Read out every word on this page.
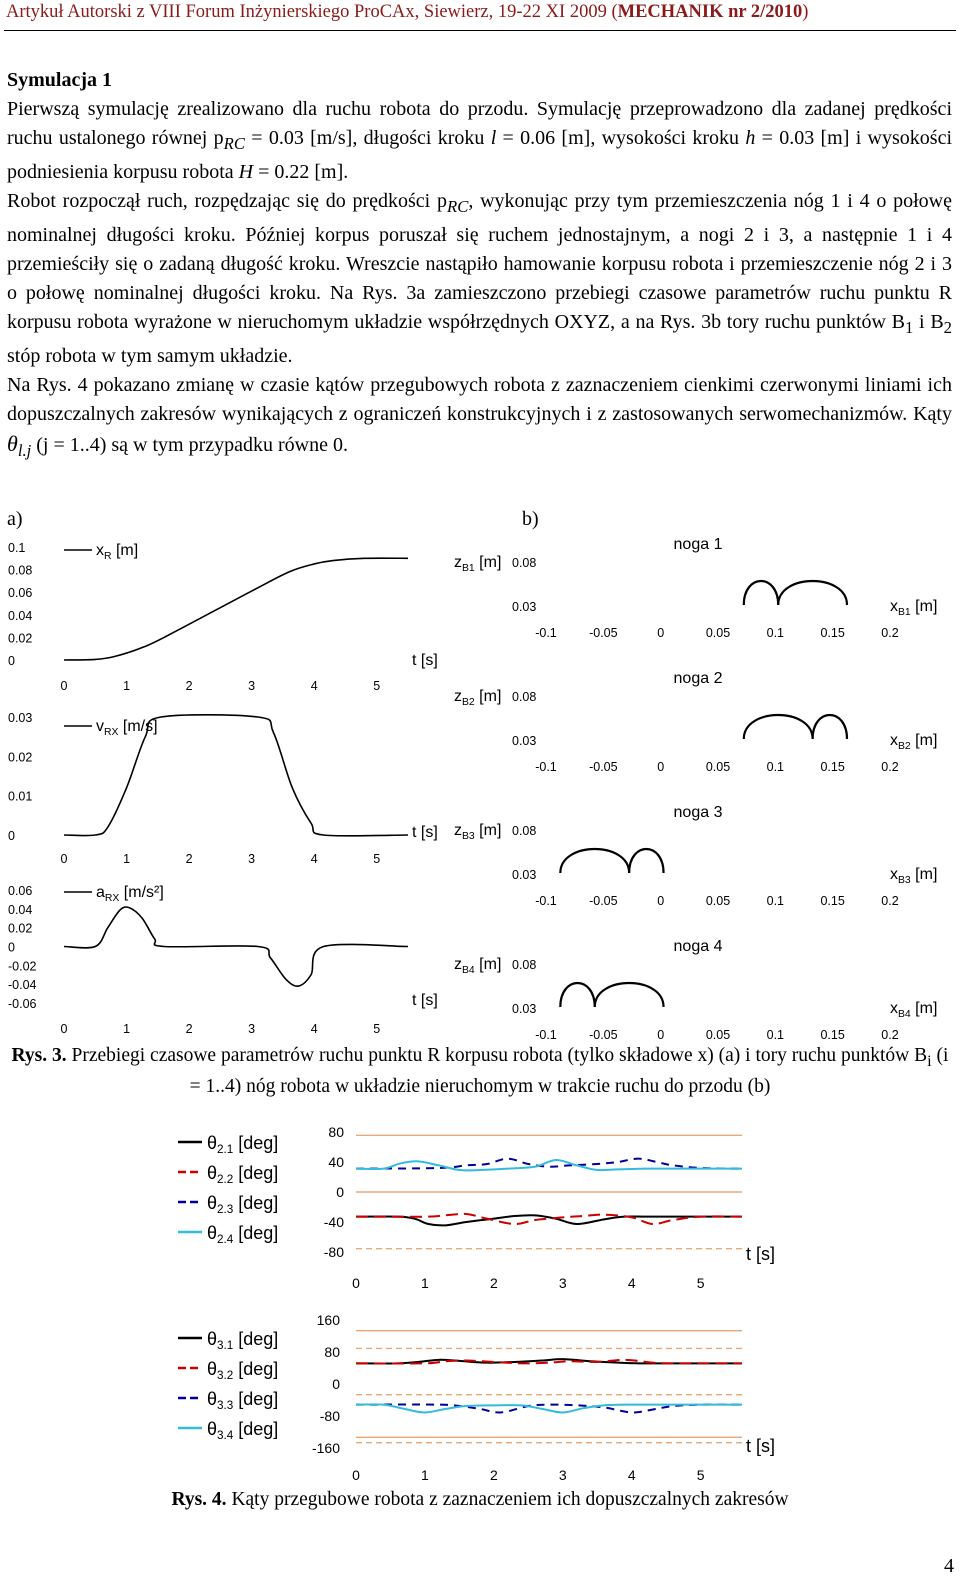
Artykuł Autorski z VIII Forum Inżynierskiego ProCAx, Siewierz, 19-22 XI 2009 (MECHANIK nr 2/2010)
Symulacja 1

Pierwszą symulację zrealizowano dla ruchu robota do przodu. Symulację przeprowadzono dla zadanej prędkości ruchu ustalonego równej $p_{RC} = 0.03$ [m/s], długości kroku l = 0.06 [m], wysokości kroku h = 0.03 [m] i wysokości podniesienia korpusu robota H = 0.22 [m].

Robot rozpoczął ruch, rozpędzając się do prędkości $p_{RC}$, wykonując przy tym przemieszczenia nóg 1 i 4 o połowę nominalnej długości kroku. Później korpus poruszał się ruchem jednostajnym, a nogi 2 i 3, a następnie 1 i 4 przemieściły się o zadaną długość kroku. Wreszcie nastąpiło hamowanie korpusu robota i przemieszczenie nóg 2 i 3 o połowę nominalnej długości kroku. Na Rys. 3a zamieszczono przebiegi czasowe parametrów ruchu punktu R korpusu robota wyrażone w nieruchomym układzie współrzędnych OXYZ, a na Rys. 3b tory ruchu punktów $B_1$ i $B_2$ stóp robota w tym samym układzie.

Na Rys. 4 pokazano zmianę w czasie kątów przegubowych robota z zaznaczeniem cienkimi czerwonymi liniami ich dopuszczalnych zakresów wynikających z ograniczeń konstrukcyjnych i z zastosowanych serwomechanizmów. Kąty $\theta_{l.j}$ (j = 1..4) są w tym przypadku równe 0.

a)	b)
0.1
0.08
0.06
0.04
0.02
0
0	1	2	3	4	5
t [s]
$x_R$ [m]
0.03
0.02
0.01
0
0	1	2	3	4	5
t [s]
$v_{RX}$ [m/s]
0.06
0.04
0.02
0
-0.02
-0.04
-0.06
0	1	2	3	4	5
t [s]
$a_{RX}$ [m/s²]
$z_{B1}$ [m] 0.08
0.03
noga 1
$x_{B1}$ [m]
-0.1	-0.05	0	0.05	0.1	0.15	0.2
$z_{B2}$ [m] 0.08
0.03
noga 2
$x_{B2}$ [m]
-0.1	-0.05	0	0.05	0.1	0.15	0.2
$z_{B3}$ [m] 0.08
0.03
noga 3
$x_{B3}$ [m]
-0.1	-0.05	0	0.05	0.1	0.15	0.2
$z_{B4}$ [m] 0.08
0.03
noga 4
$x_{B4}$ [m]
-0.1	-0.05	0	0.05	0.1	0.15	0.2
Rys. 3. Przebiegi czasowe parametrów ruchu punktu R korpusu robota (tylko składowe x) (a) i tory ruchu punktów $B_i$ (i = 1..4) nóg robota w układzie nieruchomym w trakcie ruchu do przodu (b)
80
40
0
-40
-80
0	1	2	3	4	5
t [s]
$\theta_{2.1}$ [deg]
$\theta_{2.2}$ [deg]
$\theta_{2.3}$ [deg]
$\theta_{2.4}$ [deg]
160
80
0
-80
-160
0	1	2	3	4	5
t [s]
$\theta_{3.1}$ [deg]
$\theta_{3.2}$ [deg]
$\theta_{3.3}$ [deg]
$\theta_{3.4}$ [deg]
Rys. 4. Kąty przegubowe robota z zaznaczeniem ich dopuszczalnych zakresów
4
